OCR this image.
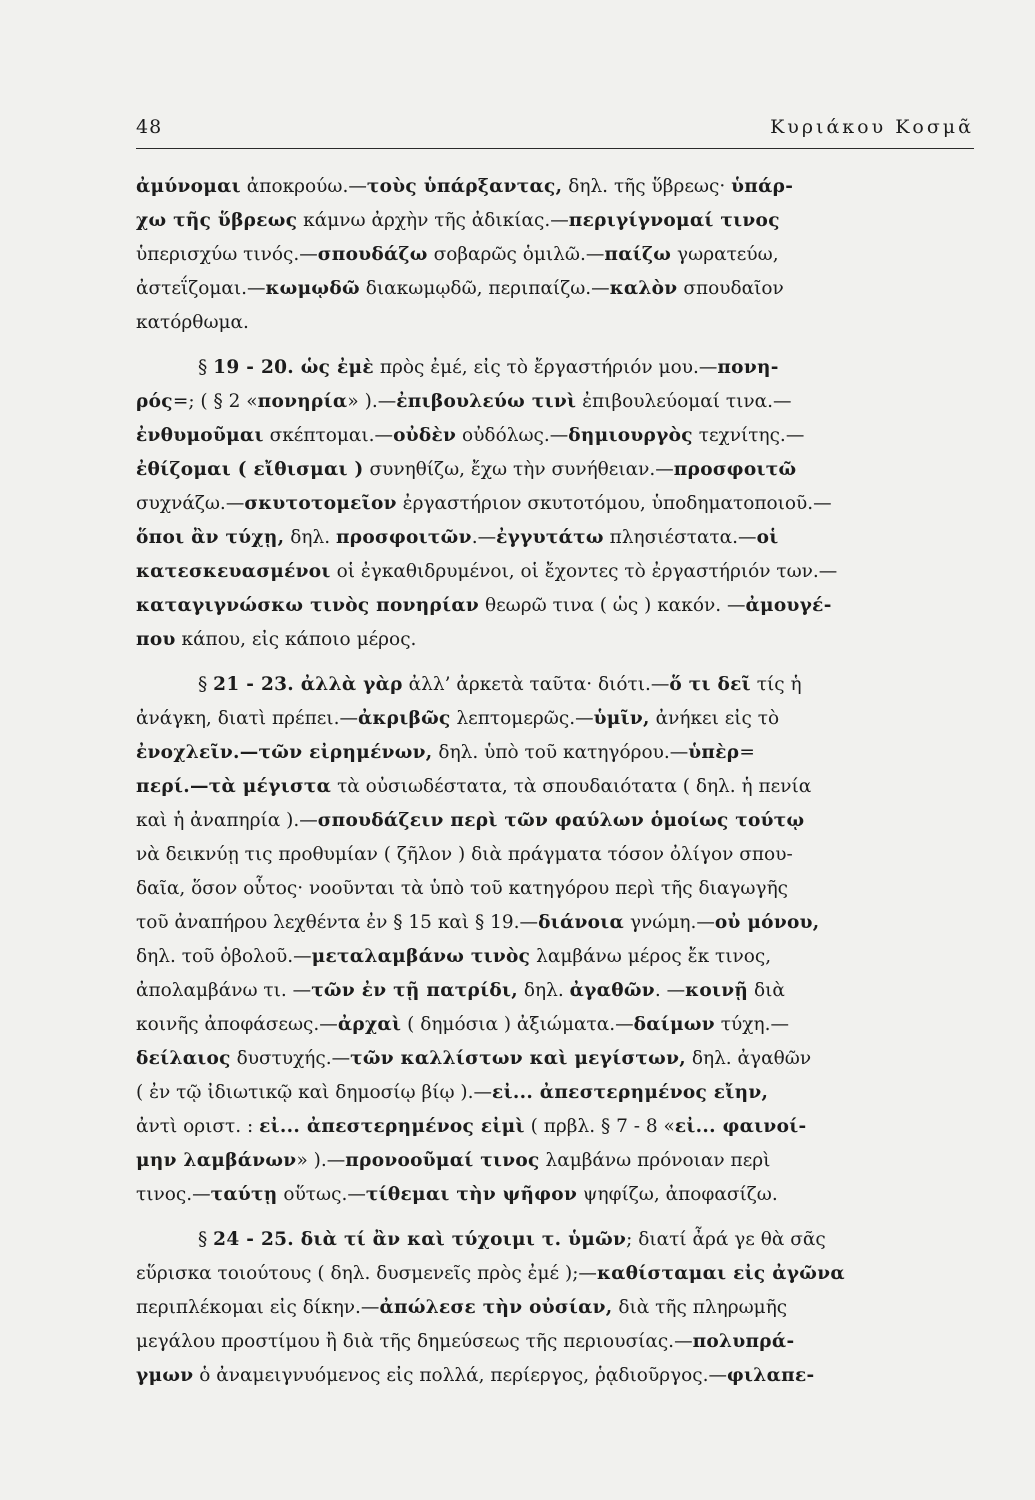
48	Κυριάκου Κοσμᾶ
ἀμύνομαι ἀποκρούω.—τοὺς ὑπάρξαντας, δηλ. τῆς ὕβρεως· ὑπάρ-
χω τῆς ὕβρεως κάμνω ἀρχὴν τῆς ἀδικίας.—περιγίγνομαί τινος
ὑπερισχύω τινός.—σπουδάζω σοβαρῶς ὁμιλῶ.—παίζω γωρατεύω,
ἀστεΐζομαι.—κωμῳδῶ διακωμῳδῶ, περιπαίζω.—καλὸν σπουδαῖον
κατόρθωμα.
§ 19 - 20. ὡς ἐμὲ πρὸς ἐμέ, εἰς τὸ ἔργαστήριόν μου.—πονη-
ρός=; ( § 2 «πονηρία» ).—ἐπιβουλεύω τινὶ ἐπιβουλεύομαί τινα.—
ἐνθυμοῦμαι σκέπτομαι.—οὐδὲν οὐδόλως.—δημιουργὸς τεχνίτης.—
ἐθίζομαι ( εἴθισμαι ) συνηθίζω, ἔχω τὴν συνήθειαν.—προσφοιτῶ
συχνάζω.—σκυτοτομεῖον ἐργαστήριον σκυτοτόμου, ὑποδηματοποιοῦ.—
ὅποι ἂν τύχῃ, δηλ. προσφοιτῶν.—ἐγγυτάτω πλησιέστατα.—οἱ
κατεσκευασμένοι οἱ ἐγκαθιδρυμένοι, οἱ ἔχοντες τὸ ἐργαστήριόν των.—
καταγιγνώσκω τινὸς πονηρίαν θεωρῶ τινα ( ὡς ) κακόν. —ἀμουγέ-
που κάπου, εἰς κάποιο μέρος.
§ 21 - 23. ἀλλὰ γὰρ ἀλλ’ ἀρκετὰ ταῦτα· διότι.—ὅ τι δεῖ τίς ἡ
ἀνάγκη, διατὶ πρέπει.—ἀκριβῶς λεπτομερῶς.—ὑμῖν, ἀνήκει εἰς τὸ
ἐνοχλεῖν.—τῶν εἰρημένων, δηλ. ὑπὸ τοῦ κατηγόρου.—ὑπὲρ=
περί.—τὰ μέγιστα τὰ οὐσιωδέστατα, τὰ σπουδαιότατα ( δηλ. ἡ πενία
καὶ ἡ ἀναπηρία ).—σπουδάζειν περὶ τῶν φαύλων ὁμοίως τούτῳ
νὰ δεικνύῃ τις προθυμίαν ( ζῆλον ) διὰ πράγματα τόσον ὀλίγον σπου-
δαῖα, ὅσον οὗτος· νοοῦνται τὰ ὑπὸ τοῦ κατηγόρου περὶ τῆς διαγωγῆς
τοῦ ἀναπήρου λεχθέντα ἐν § 15 καὶ § 19.—διάνοια γνώμη.—οὐ μόνου,
δηλ. τοῦ ὀβολοῦ.—μεταλαμβάνω τινὸς λαμβάνω μέρος ἔκ τινος,
ἀπολαμβάνω τι. —τῶν ἐν τῇ πατρίδι, δηλ. ἀγαθῶν. —κοινῇ διὰ
κοινῆς ἀποφάσεως.—ἀρχαὶ ( δημόσια ) ἀξιώματα.—δαίμων τύχη.—
δείλαιος δυστυχής.—τῶν καλλίστων καὶ μεγίστων, δηλ. ἀγαθῶν
( ἐν τῷ ἰδιωτικῷ καὶ δημοσίῳ βίῳ ).—εἰ... ἀπεστερημένος εἴην,
ἀντὶ οριστ. : εἰ... ἀπεστερημένος εἰμὶ ( πρβλ. § 7 - 8 «εἰ... φαινοί-
μην λαμβάνων» ).—προνοοῦμαί τινος λαμβάνω πρόνοιαν περὶ
τινος.—ταύτῃ οὕτως.—τίθεμαι τὴν ψῆφον ψηφίζω, ἀποφασίζω.
§ 24 - 25. διὰ τί ἂν καὶ τύχοιμι τ. ὑμῶν; διατί ἆρά γε θὰ σᾶς
εὕρισκα τοιούτους ( δηλ. δυσμενεῖς πρὸς ἐμέ );—καθίσταμαι εἰς ἀγῶνα
περιπλέκομαι εἰς δίκην.—ἀπώλεσε τὴν οὐσίαν, διὰ τῆς πληρωμῆς
μεγάλου προστίμου ἢ διὰ τῆς δημεύσεως τῆς περιουσίας.—πολυπρά-
γμων ὁ ἀναμειγνυόμενος εἰς πολλά, περίεργος, ῥᾳδιοῦργος.—φιλαπε-
